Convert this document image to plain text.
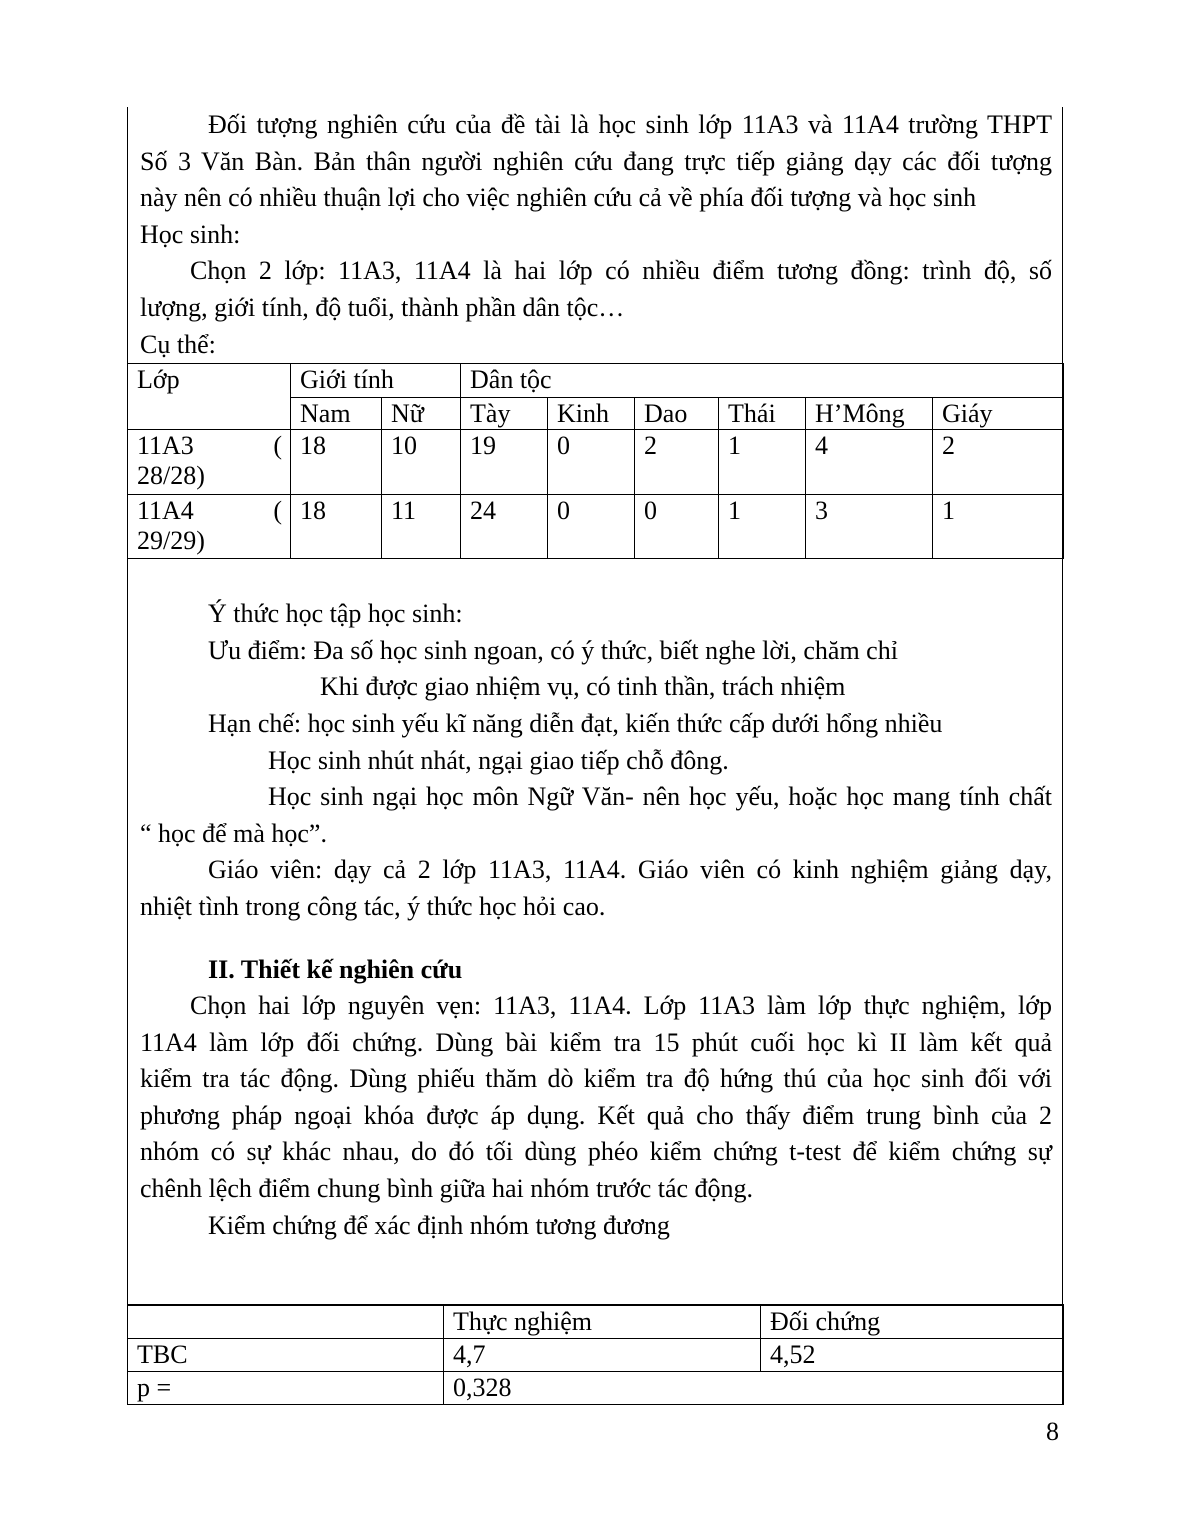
Đối tượng nghiên cứu của đề tài là học sinh lớp 11A3 và 11A4 trường THPT
Số 3 Văn Bàn. Bản thân người nghiên cứu đang trực tiếp giảng dạy các đối tượng
này nên có nhiều thuận lợi cho việc nghiên cứu cả về phía đối tượng và học sinh
Học sinh:
Chọn 2 lớp: 11A3, 11A4 là hai lớp có nhiều điểm tương đồng: trình độ, số
lượng, giới tính, độ tuổi, thành phần dân tộc…
Cụ thể:
Lớp	Giới tính		Dân tộc					
	Nam	Nữ	Tày	Kinh	Dao	Thái	H’Mông	Giáy

11A3 (
28/28)	18	10	19	0	2	1	4	2

11A4 (
29/29)	18	11	24	0	0	1	3	1
Ý thức học tập học sinh:
Ưu điểm: Đa số học sinh ngoan, có ý thức, biết nghe lời, chăm chỉ
Khi được giao nhiệm vụ, có tinh thần, trách nhiệm
Hạn chế: học sinh yếu kĩ năng diễn đạt, kiến thức cấp dưới hổng nhiều
Học sinh nhút nhát, ngại giao tiếp chỗ đông.
Học sinh ngại học môn Ngữ Văn- nên học yếu, hoặc học mang tính chất
“ học để mà học”.
Giáo viên: dạy cả 2 lớp 11A3, 11A4. Giáo viên có kinh nghiệm giảng dạy,
nhiệt tình trong công tác, ý thức học hỏi cao.
II. Thiết kế nghiên cứu
Chọn hai lớp nguyên vẹn: 11A3, 11A4. Lớp 11A3 làm lớp thực nghiệm, lớp
11A4 làm lớp đối chứng. Dùng bài kiểm tra 15 phút cuối học kì II làm kết quả
kiểm tra tác động. Dùng phiếu thăm dò kiểm tra độ hứng thú của học sinh đối với
phương pháp ngoại khóa được áp dụng. Kết quả cho thấy điểm trung bình của 2
nhóm có sự khác nhau, do đó tối dùng phéo kiểm chứng t-test để kiểm chứng sự
chênh lệch điểm chung bình giữa hai nhóm trước tác động.
Kiểm chứng để xác định nhóm tương đương
	Thực nghiệm	Đối chứng
TBC	4,7	4,52
p =	0,328	
8
